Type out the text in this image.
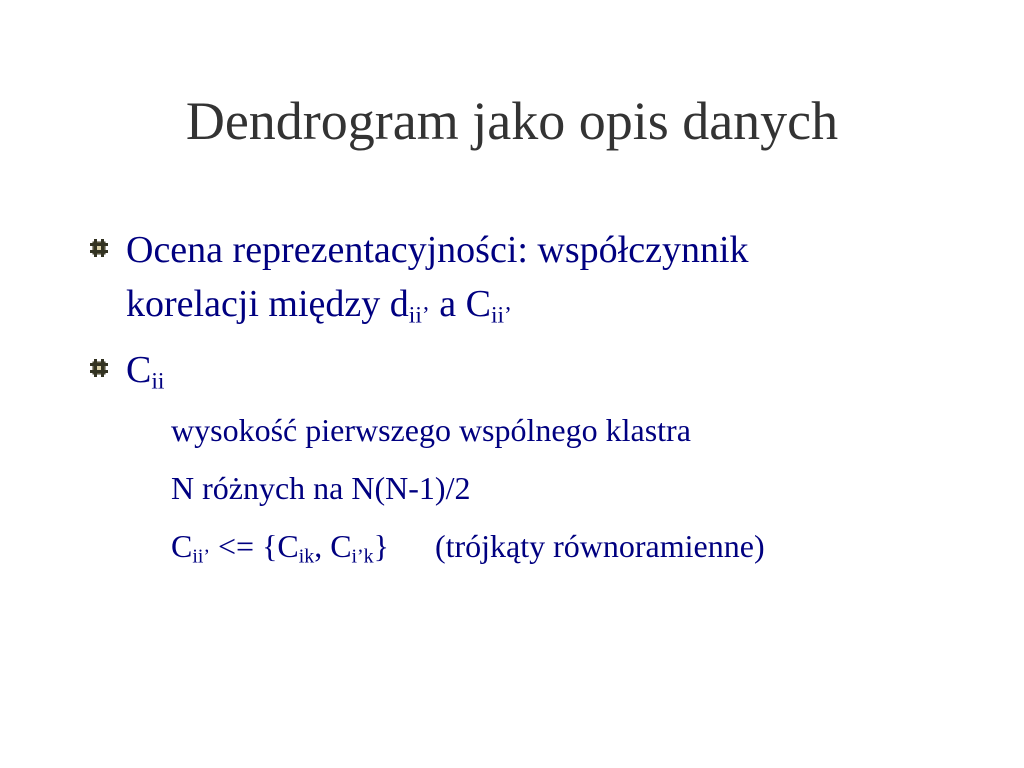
Dendrogram jako opis danych
Ocena reprezentacyjności: współczynnik
korelacji między $d_{ii’}$ a $C_{ii’}$
$C_{ii}$
wysokość pierwszego wspólnego klastra
N różnych na N(N-1)/2
$C_{ii’} <= \{C_{ik}$, $C_{i’k}$} (trójkąty równoramienne)
